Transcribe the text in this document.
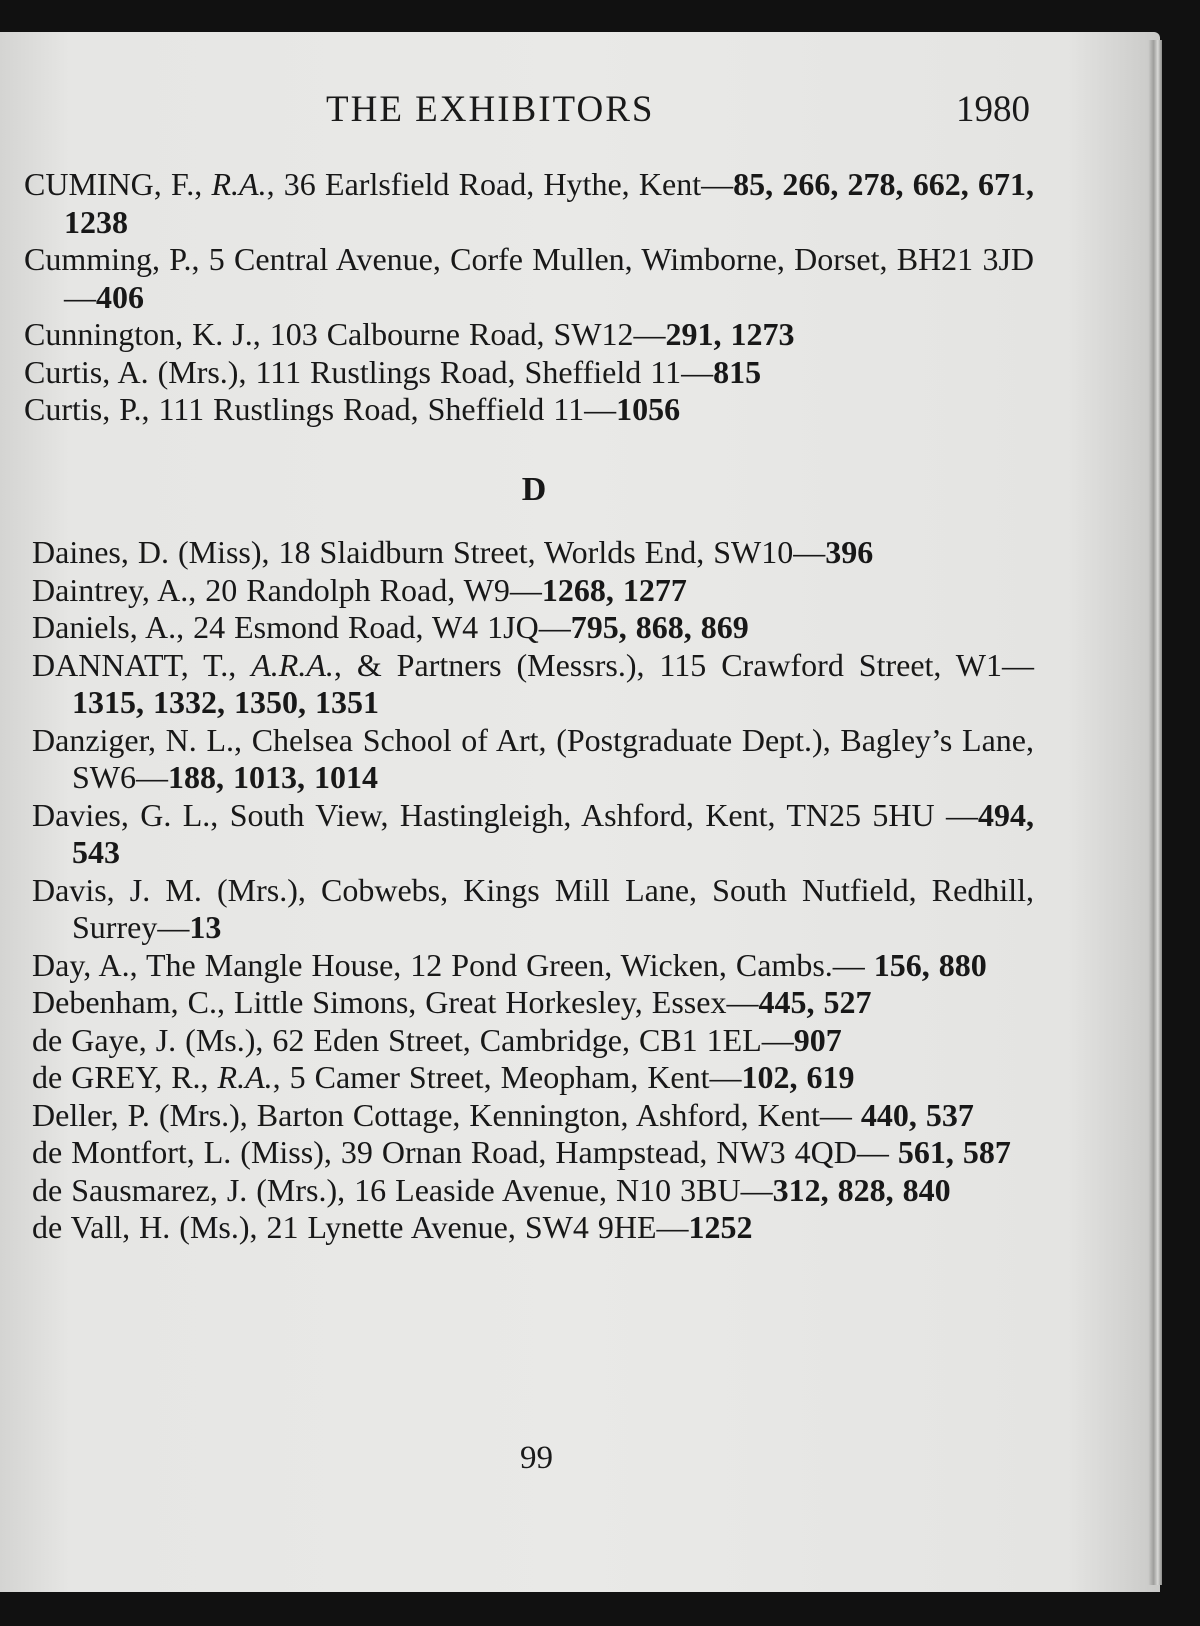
THE EXHIBITORS	1980
CUMING, F., R.A., 36 Earlsfield Road, Hythe, Kent—85, 266, 278, 662, 671, 1238
Cumming, P., 5 Central Avenue, Corfe Mullen, Wimborne, Dorset, BH21 3JD—406
Cunnington, K. J., 103 Calbourne Road, SW12—291, 1273
Curtis, A. (Mrs.), 111 Rustlings Road, Sheffield 11—815
Curtis, P., 111 Rustlings Road, Sheffield 11—1056
D
Daines, D. (Miss), 18 Slaidburn Street, Worlds End, SW10—396
Daintrey, A., 20 Randolph Road, W9—1268, 1277
Daniels, A., 24 Esmond Road, W4 1JQ—795, 868, 869
DANNATT, T., A.R.A., & Partners (Messrs.), 115 Crawford Street, W1—1315, 1332, 1350, 1351
Danziger, N. L., Chelsea School of Art, (Postgraduate Dept.), Bagley’s Lane, SW6—188, 1013, 1014
Davies, G. L., South View, Hastingleigh, Ashford, Kent, TN25 5HU —494, 543
Davis, J. M. (Mrs.), Cobwebs, Kings Mill Lane, South Nutfield, Redhill, Surrey—13
Day, A., The Mangle House, 12 Pond Green, Wicken, Cambs.— 156, 880
Debenham, C., Little Simons, Great Horkesley, Essex—445, 527
de Gaye, J. (Ms.), 62 Eden Street, Cambridge, CB1 1EL—907
de GREY, R., R.A., 5 Camer Street, Meopham, Kent—102, 619
Deller, P. (Mrs.), Barton Cottage, Kennington, Ashford, Kent— 440, 537
de Montfort, L. (Miss), 39 Ornan Road, Hampstead, NW3 4QD— 561, 587
de Sausmarez, J. (Mrs.), 16 Leaside Avenue, N10 3BU—312, 828, 840
de Vall, H. (Ms.), 21 Lynette Avenue, SW4 9HE—1252
99
